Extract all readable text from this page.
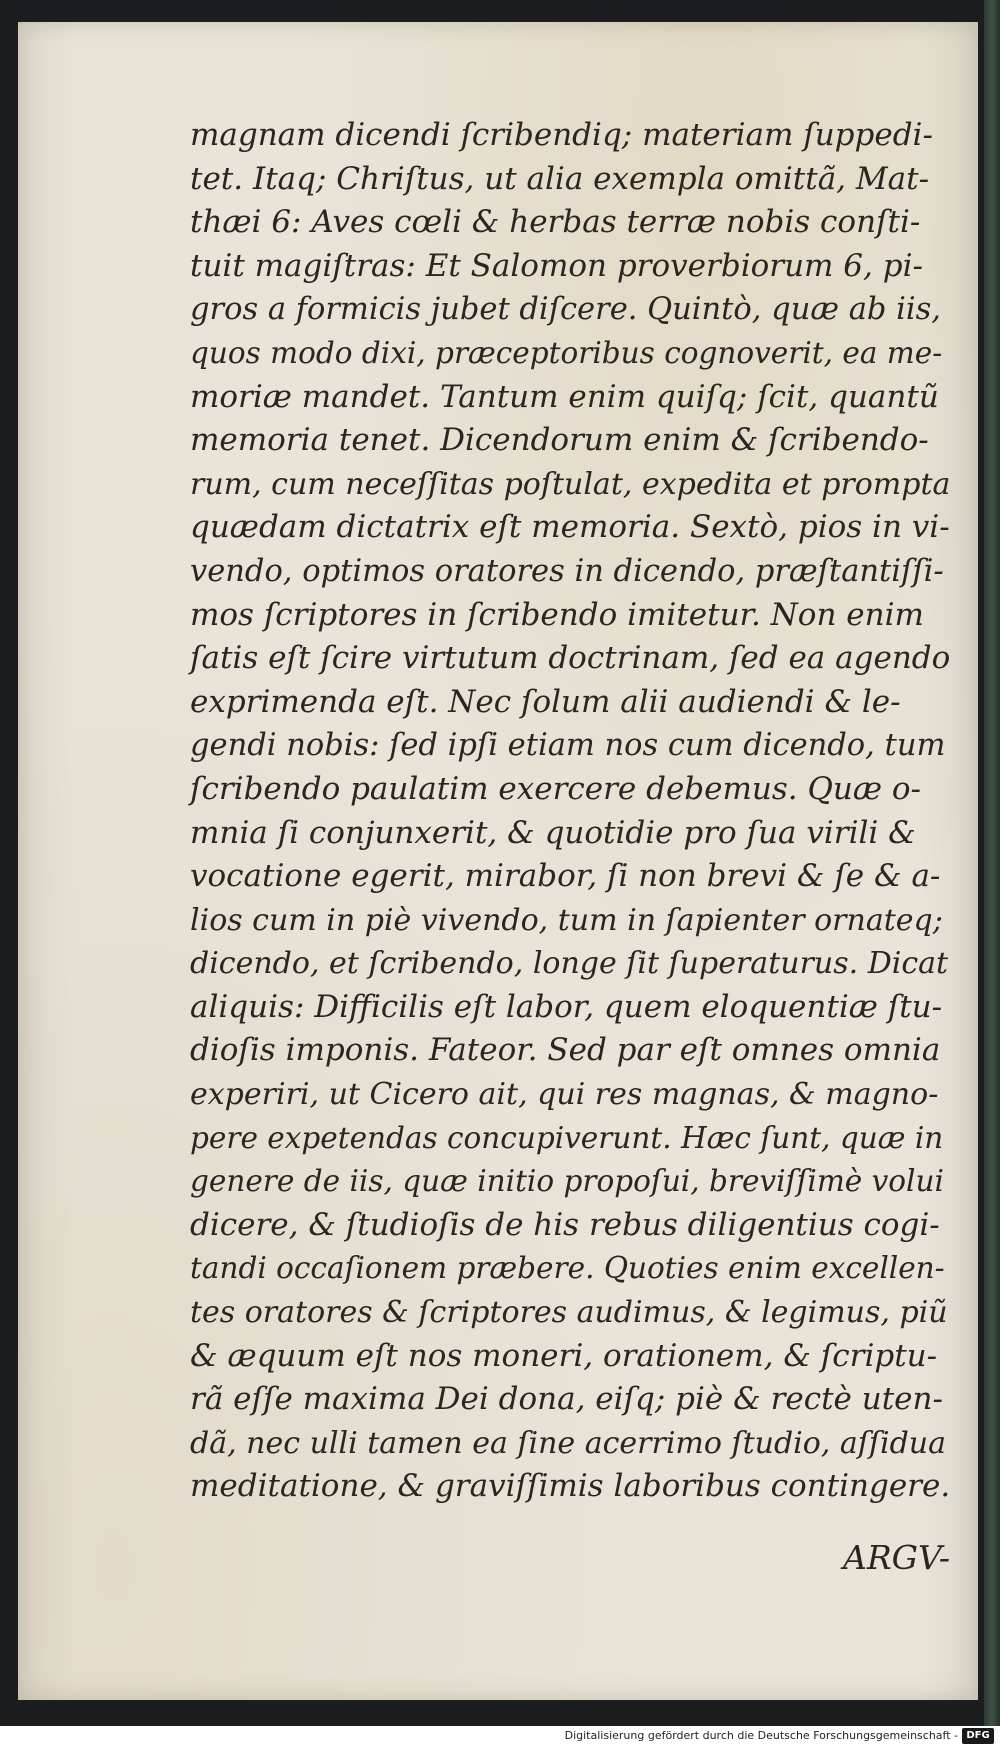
magnam dicendi ſcribendiq; materiam ſuppedi-
tet. Itaq; Chriſtus, ut alia exempla omittã, Mat-
thæi 6: Aves cœli & herbas terræ nobis conſti-
tuit magiſtras: Et Salomon proverbiorum 6, pi-
gros a formicis jubet diſcere. Quintò, quæ ab iis,
quos modo dixi, præceptoribus cognoverit, ea me-
moriæ mandet. Tantum enim quiſq; ſcit, quantũ
memoria tenet. Dicendorum enim & ſcribendo-
rum, cum neceſſitas poſtulat, expedita et prompta
quædam dictatrix eſt memoria. Sextò, pios in vi-
vendo, optimos oratores in dicendo, præſtantiſſi-
mos ſcriptores in ſcribendo imitetur. Non enim
ſatis eſt ſcire virtutum doctrinam, ſed ea agendo
exprimenda eſt. Nec ſolum alii audiendi & le-
gendi nobis: ſed ipſi etiam nos cum dicendo, tum
ſcribendo paulatim exercere debemus. Quæ o-
mnia ſi conjunxerit, & quotidie pro ſua virili &
vocatione egerit, mirabor, ſi non brevi & ſe & a-
lios cum in piè vivendo, tum in ſapienter ornateq;
dicendo, et ſcribendo, longe ſit ſuperaturus. Dicat
aliquis: Difficilis eſt labor, quem eloquentiæ ſtu-
dioſis imponis. Fateor. Sed par eſt omnes omnia
experiri, ut Cicero ait, qui res magnas, & magno-
pere expetendas concupiverunt. Hæc ſunt, quæ in
genere de iis, quæ initio propoſui, breviſſimè volui
dicere, & ſtudioſis de his rebus diligentius cogi-
tandi occaſionem præbere. Quoties enim excellen-
tes oratores & ſcriptores audimus, & legimus, piũ
& æquum eſt nos moneri, orationem, & ſcriptu-
rã eſſe maxima Dei dona, eiſq; piè & rectè uten-
dã, nec ulli tamen ea ſine acerrimo ſtudio, aſſidua
meditatione, & graviſſimis laboribus contingere.
ARGV-
Digitalisierung gefördert durch die Deutsche Forschungsgemeinschaft - DFG
